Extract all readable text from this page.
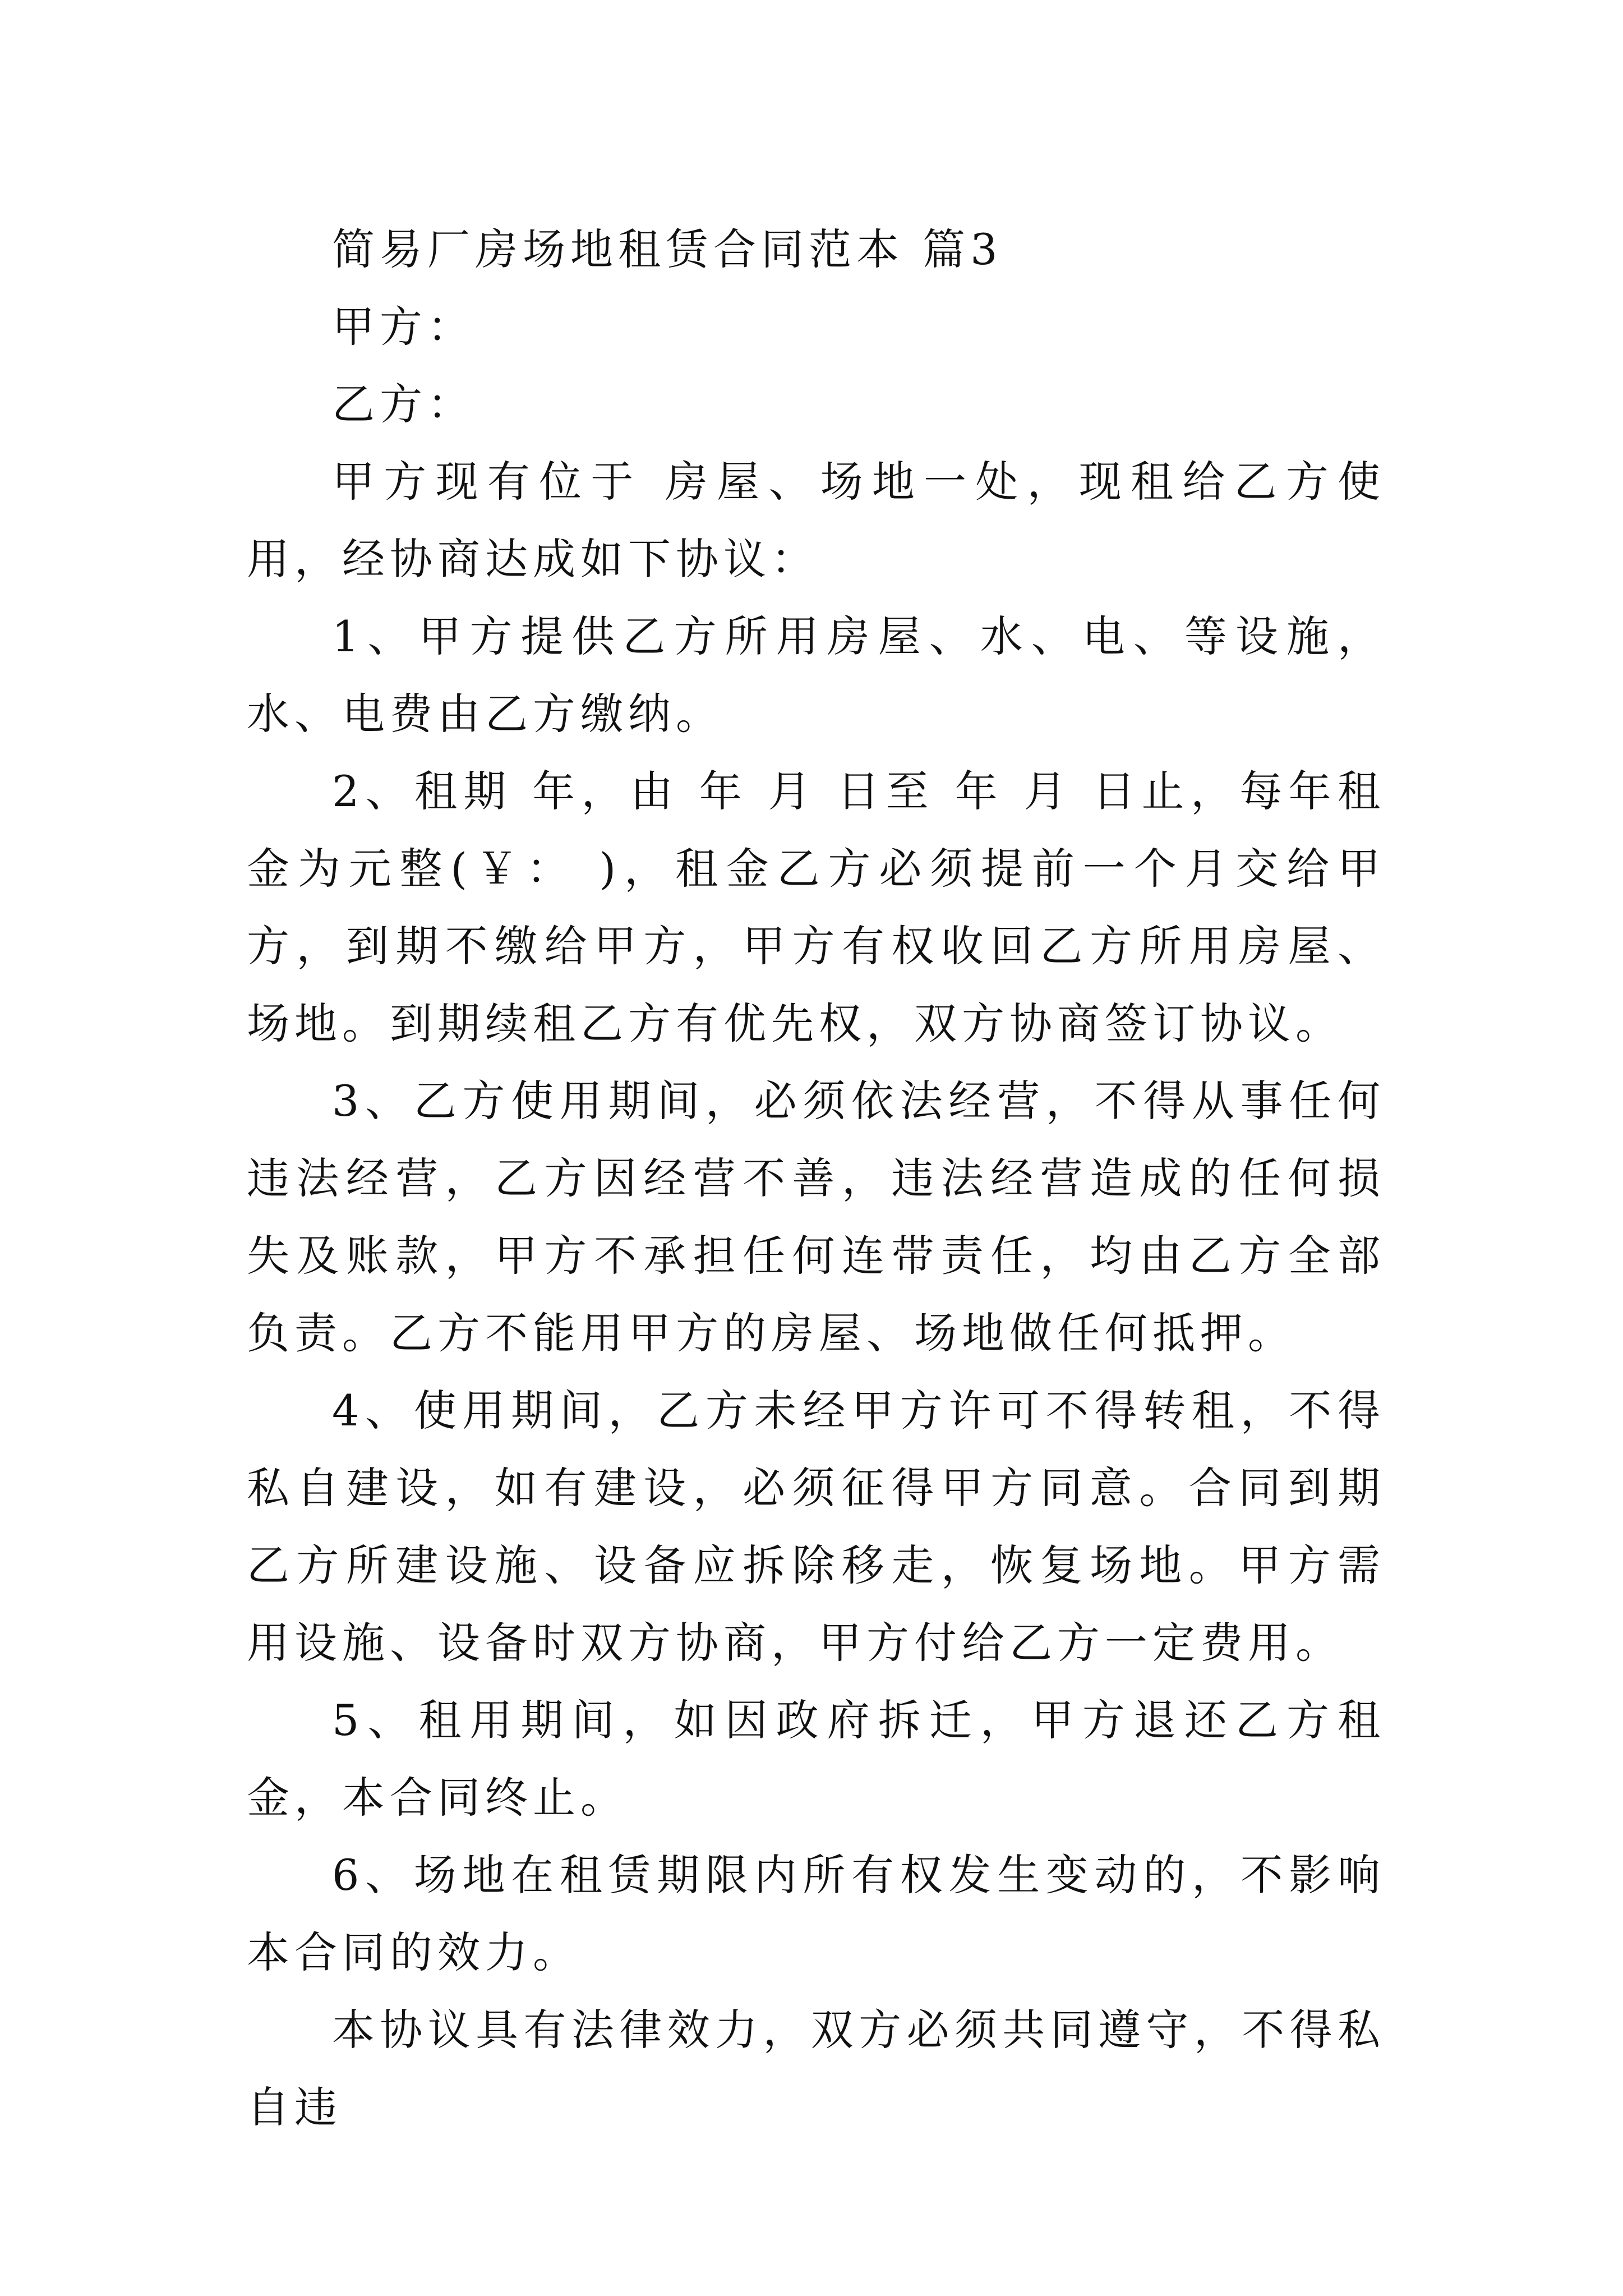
简易厂房场地租赁合同范本 篇3

甲方：

乙方：

甲方现有位于 房屋、场地一处，现租给乙方使用，经协商达成如下协议：

1、甲方提供乙方所用房屋、水、电、等设施，水、电费由乙方缴纳。

2、租期 年，由 年 月 日至 年 月 日止，每年租金为元整(￥： )，租金乙方必须提前一个月交给甲方，到期不缴给甲方，甲方有权收回乙方所用房屋、场地。到期续租乙方有优先权，双方协商签订协议。

3、乙方使用期间，必须依法经营，不得从事任何违法经营，乙方因经营不善，违法经营造成的任何损失及账款，甲方不承担任何连带责任，均由乙方全部负责。乙方不能用甲方的房屋、场地做任何抵押。

4、使用期间，乙方未经甲方许可不得转租，不得私自建设，如有建设，必须征得甲方同意。合同到期乙方所建设施、设备应拆除移走，恢复场地。甲方需用设施、设备时双方协商，甲方付给乙方一定费用。

5、租用期间，如因政府拆迁，甲方退还乙方租金，本合同终止。

6、场地在租赁期限内所有权发生变动的，不影响本合同的效力。

本协议具有法律效力，双方必须共同遵守，不得私自违
